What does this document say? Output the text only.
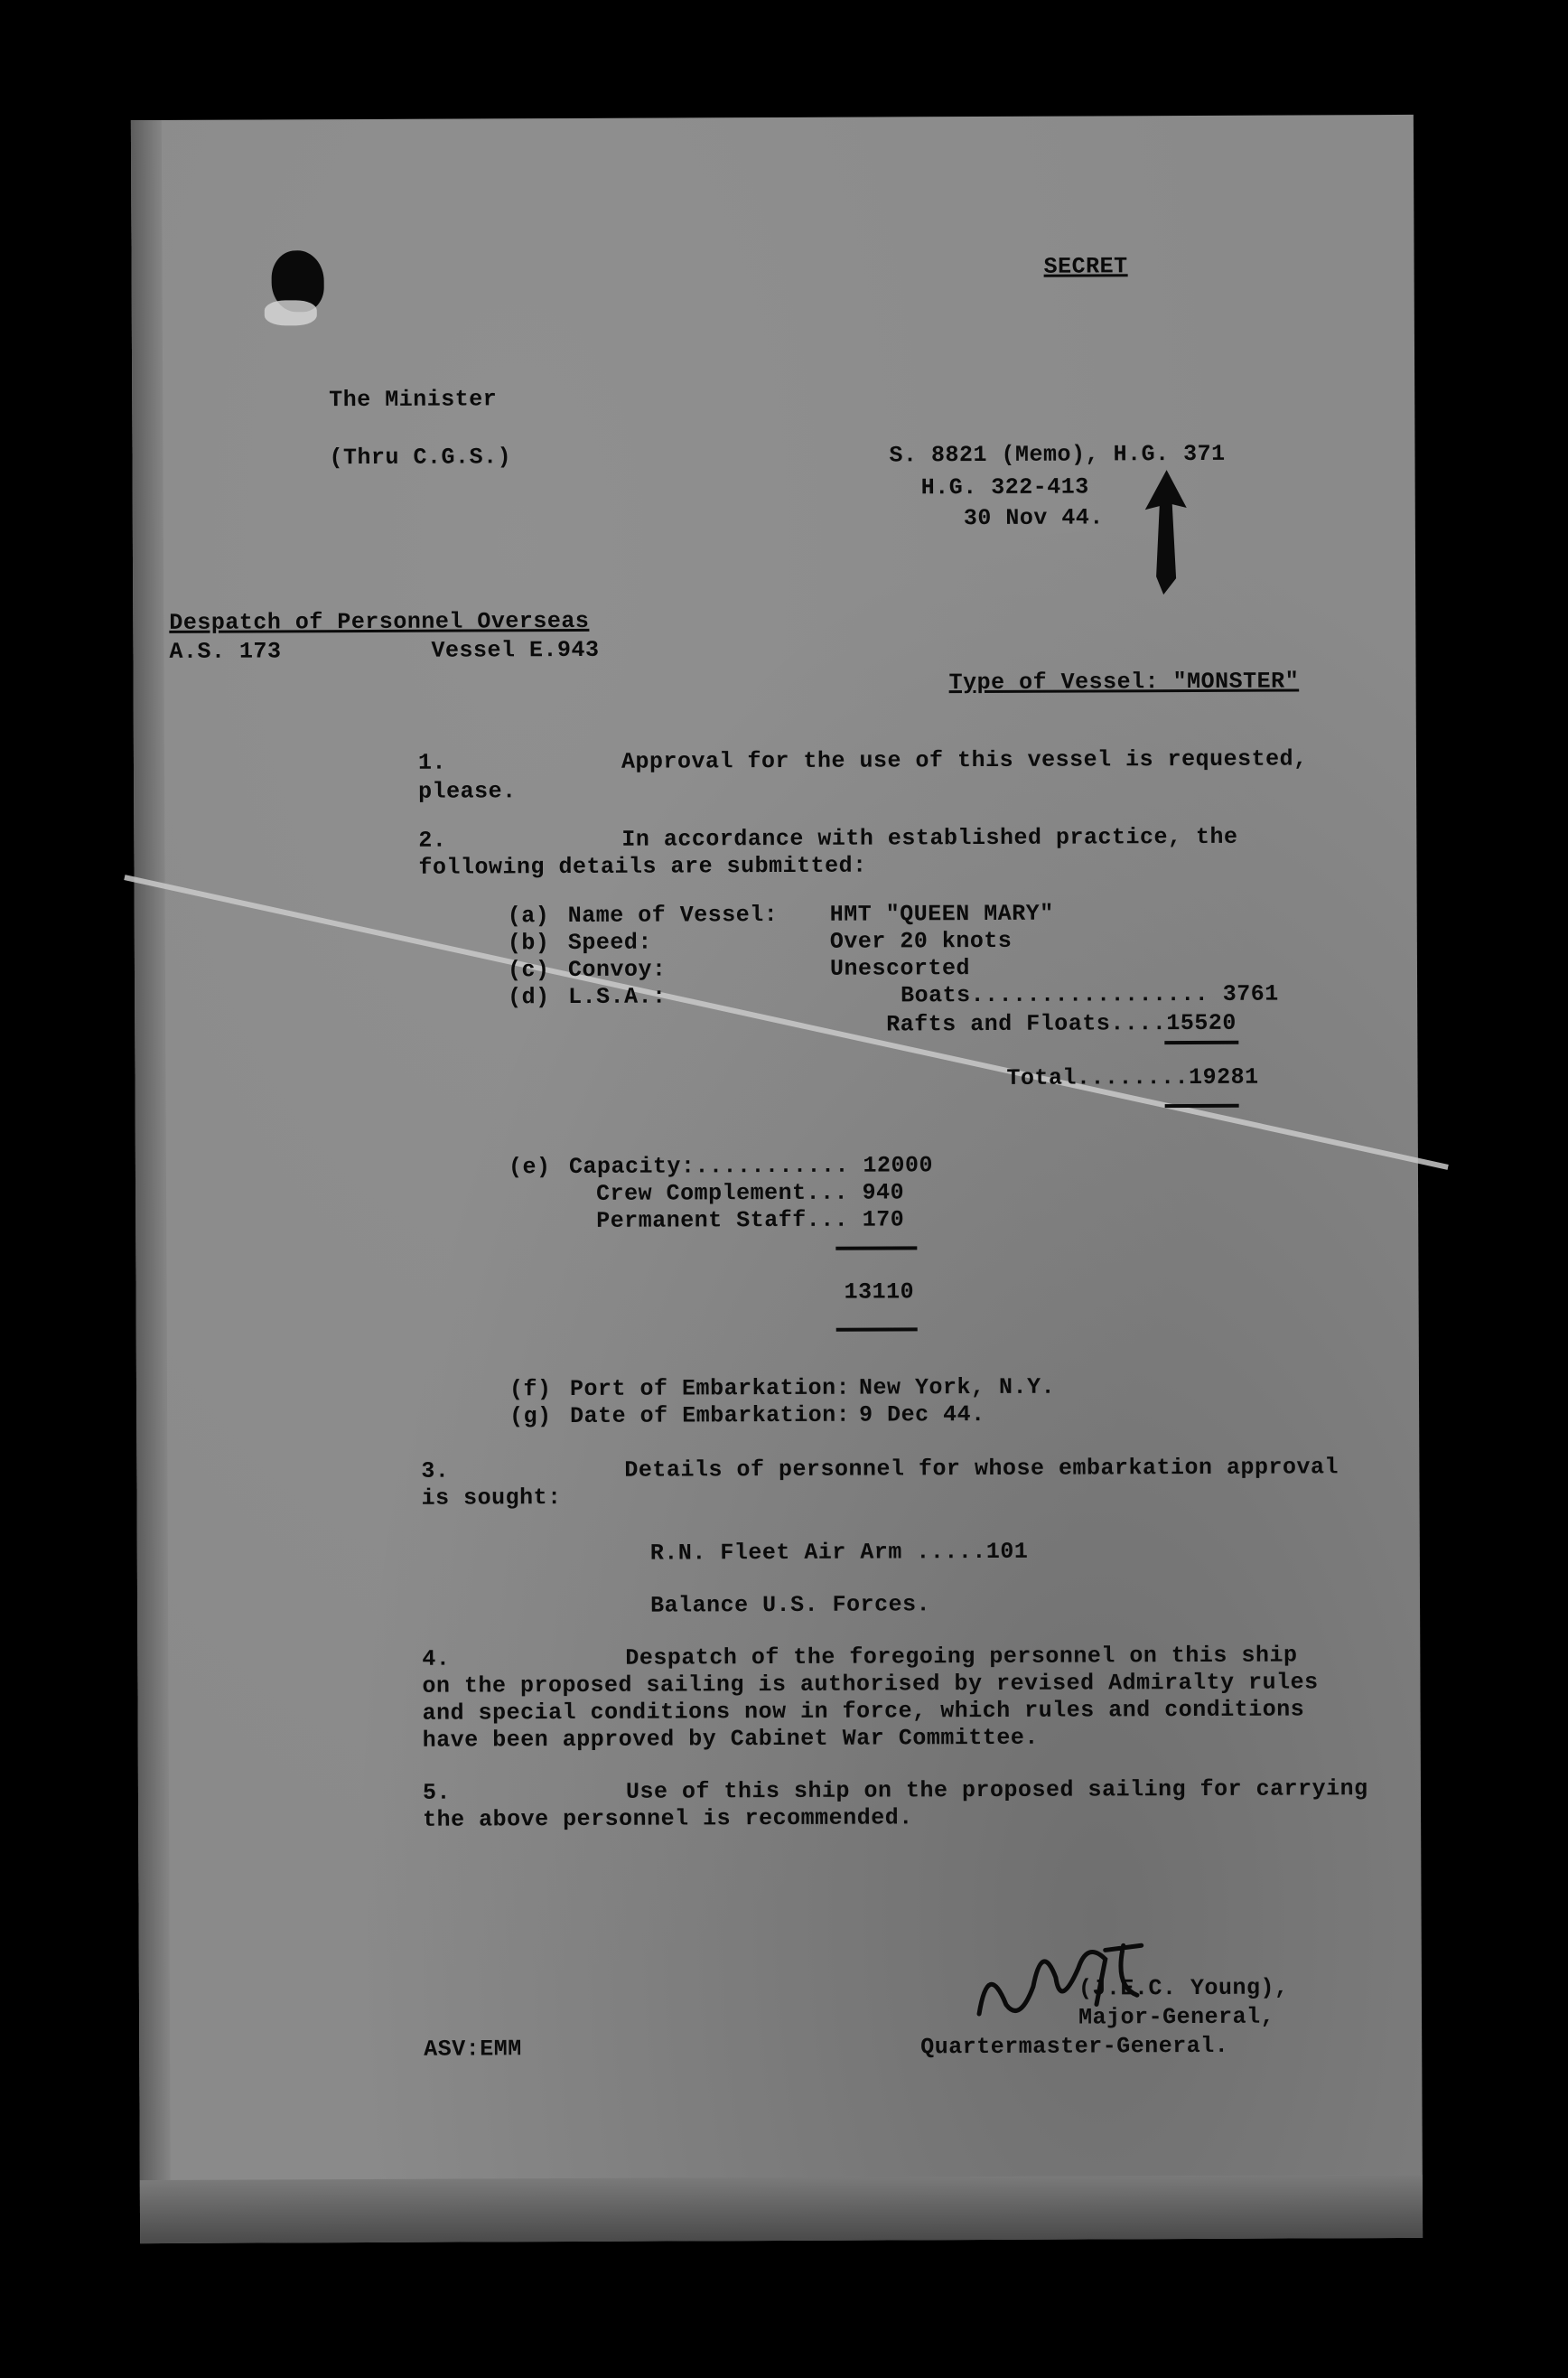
SECRET
The Minister
(Thru C.G.S.)	S. 8821 (Memo), H.G. 371
H.G. 322-413
30 Nov 44.
Despatch of Personnel Overseas
A.S. 173	Vessel E.943
Type of Vessel: "MONSTER"
1.	Approval for the use of this vessel is requested,
please.
2.	In accordance with established practice, the
following details are submitted:
(a) Name of Vessel: HMT "QUEEN MARY"
(b) Speed:	Over 20 knots
(c) Convoy:	Unescorted
(d) L.S.A.:	Boats................. 3761
Rafts and Floats....15520
Total........19281
(e) Capacity:........... 12000
Crew Complement... 940
Permanent Staff... 170
13110
(f) Port of Embarkation: New York, N.Y.
(g) Date of Embarkation: 9 Dec 44.
3.	Details of personnel for whose embarkation approval
is sought:
R.N. Fleet Air Arm .....101
Balance U.S. Forces.
4.	Despatch of the foregoing personnel on this ship
on the proposed sailing is authorised by revised Admiralty rules
and special conditions now in force, which rules and conditions
have been approved by Cabinet War Committee.
5.	Use of this ship on the proposed sailing for carrying
the above personnel is recommended.
(J.E.C. Young),
Major-General,
Quartermaster-General.
ASV:EMM
